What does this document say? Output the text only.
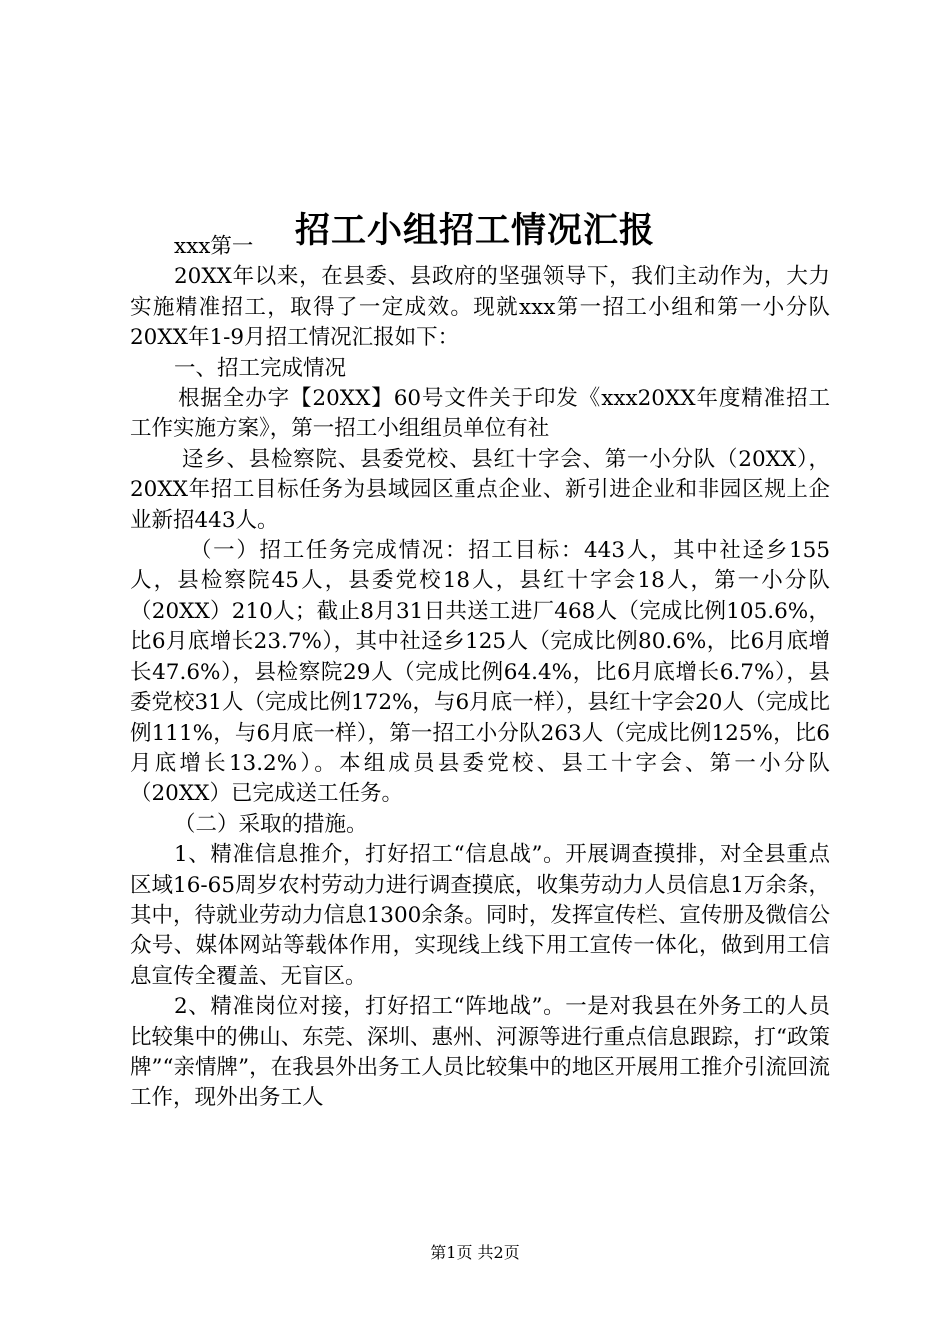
招工小组招工情况汇报

xxx第一

20XX年以来，在县委、县政府的坚强领导下，我们主动作为，大力实施精准招工，取得了一定成效。现就xxx第一招工小组和第一小分队20XX年1-9月招工情况汇报如下：

一、招工完成情况

根据全办字【20XX】60号文件关于印发《xxx20XX年度精准招工工作实施方案》，第一招工小组组员单位有社

迳乡、县检察院、县委党校、县红十字会、第一小分队（20XX），20XX年招工目标任务为县域园区重点企业、新引进企业和非园区规上企业新招443人。

（一）招工任务完成情况：招工目标：443人，其中社迳乡155人，县检察院45人，县委党校18人，县红十字会18人，第一小分队（20XX）210人；截止8月31日共送工进厂468人（完成比例105.6%，比6月底增长23.7%），其中社迳乡125人（完成比例80.6%，比6月底增长47.6%），县检察院29人（完成比例64.4%，比6月底增长6.7%），县委党校31人（完成比例172%，与6月底一样），县红十字会20人（完成比例111%，与6月底一样），第一招工小分队263人（完成比例125%，比6月底增长13.2%）。本组成员县委党校、县工十字会、第一小分队（20XX）已完成送工任务。

（二）采取的措施。

1、精准信息推介，打好招工“信息战”。开展调查摸排，对全县重点区域16-65周岁农村劳动力进行调查摸底，收集劳动力人员信息1万余条，其中，待就业劳动力信息1300余条。同时，发挥宣传栏、宣传册及微信公众号、媒体网站等载体作用，实现线上线下用工宣传一体化，做到用工信息宣传全覆盖、无盲区。

2、精准岗位对接，打好招工“阵地战”。一是对我县在外务工的人员比较集中的佛山、东莞、深圳、惠州、河源等进行重点信息跟踪，打“政策牌”“亲情牌”，在我县外出务工人员比较集中的地区开展用工推介引流回流工作，现外出务工人

第1页 共2页
